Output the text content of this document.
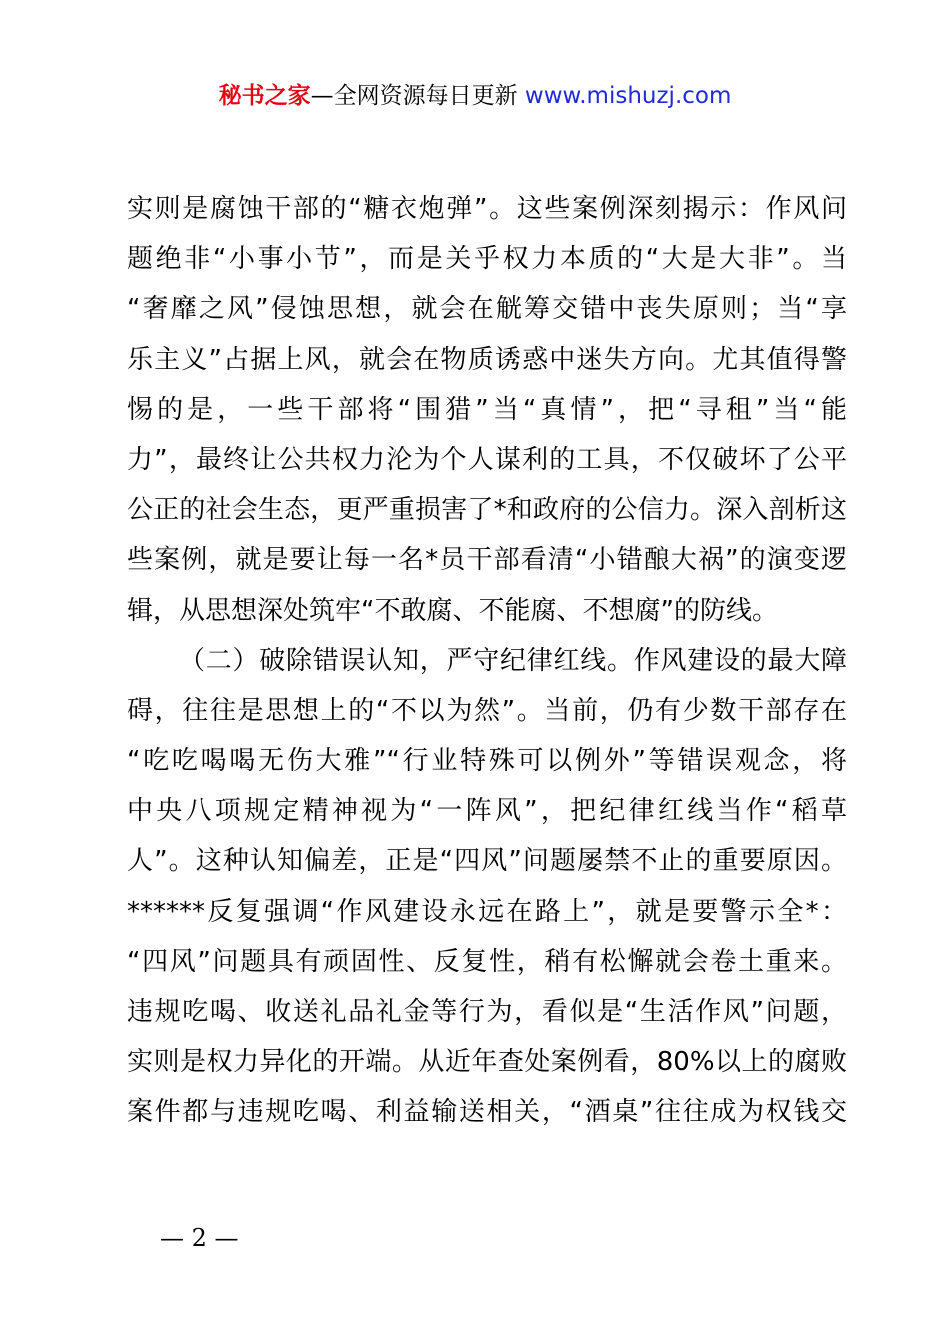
秘书之家—全网资源每日更新 www.mishuzj.com
实则是腐蚀干部的“糖衣炮弹”。这些案例深刻揭示：作风问
题绝非“小事小节”，而是关乎权力本质的“大是大非”。当
“奢靡之风”侵蚀思想，就会在觥筹交错中丧失原则；当“享
乐主义”占据上风，就会在物质诱惑中迷失方向。尤其值得警
惕的是，一些干部将“围猎”当“真情”，把“寻租”当“能
力”，最终让公共权力沦为个人谋利的工具，不仅破坏了公平
公正的社会生态，更严重损害了*和政府的公信力。深入剖析这
些案例，就是要让每一名*员干部看清“小错酿大祸”的演变逻
辑，从思想深处筑牢“不敢腐、不能腐、不想腐”的防线。
（二）破除错误认知，严守纪律红线。作风建设的最大障
碍，往往是思想上的“不以为然”。当前，仍有少数干部存在
“吃吃喝喝无伤大雅”“行业特殊可以例外”等错误观念，将
中央八项规定精神视为“一阵风”，把纪律红线当作“稻草
人”。这种认知偏差，正是“四风”问题屡禁不止的重要原因。
******反复强调“作风建设永远在路上”，就是要警示全*：
“四风”问题具有顽固性、反复性，稍有松懈就会卷土重来。
违规吃喝、收送礼品礼金等行为，看似是“生活作风”问题，
实则是权力异化的开端。从近年查处案例看，80%以上的腐败
案件都与违规吃喝、利益输送相关，“酒桌”往往成为权钱交
— 2 —
